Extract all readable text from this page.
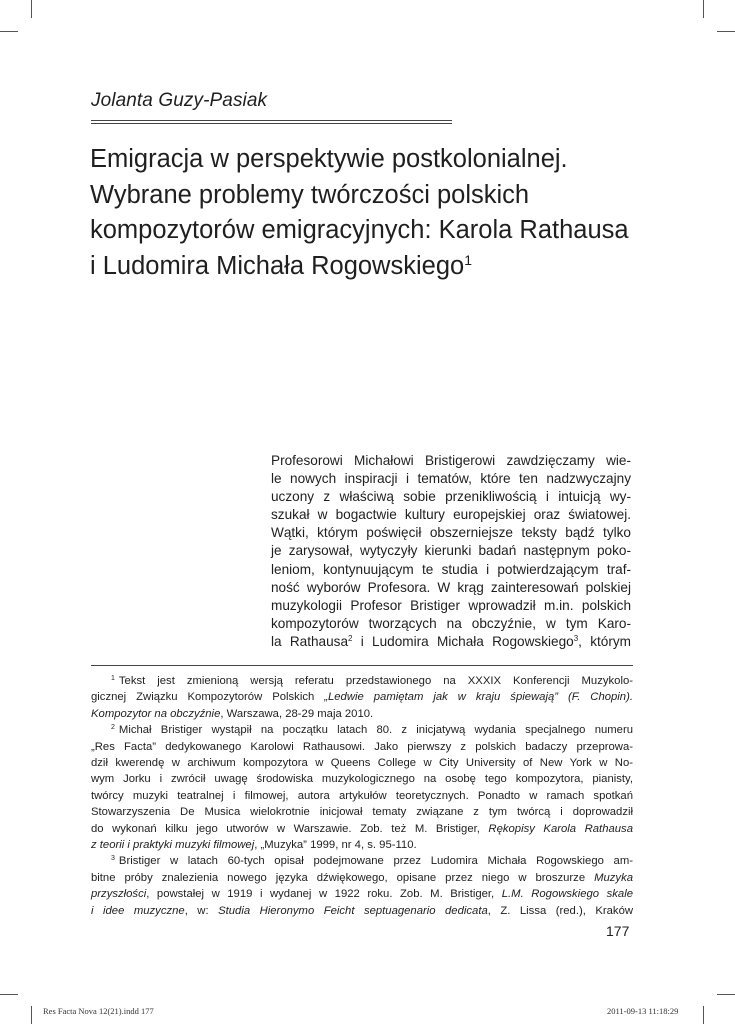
Jolanta Guzy-Pasiak
Emigracja w perspektywie postkolonialnej.
Wybrane problemy twórczości polskich
kompozytorów emigracyjnych: Karola Rathausa
i Ludomira Michała Rogowskiego$^1$
Profesorowi Michałowi Bristigerowi zawdzięczamy wie-
le nowych inspiracji i tematów, które ten nadzwyczajny
uczony z właściwą sobie przenikliwością i intuicją wy-
szukał w bogactwie kultury europejskiej oraz światowej.
Wątki, którym poświęcił obszerniejsze teksty bądź tylko
je zarysował, wytyczyły kierunki badań następnym poko-
leniom, kontynuującym te studia i potwierdzającym traf-
ność wyborów Profesora. W krąg zainteresowań polskiej
muzykologii Profesor Bristiger wprowadził m.in. polskich
kompozytorów tworzących na obczyźnie, w tym Karo-
la Rathausa$^2$ i Ludomira Michała Rogowskiego$^3$, którym
$^1$ Tekst jest zmienioną wersją referatu przedstawionego na XXXIX Konferencji Muzykolo-
gicznej Związku Kompozytorów Polskich „Ledwie pamiętam jak w kraju śpiewają” (F. Chopin).
Kompozytor na obczyźnie, Warszawa, 28-29 maja 2010.
$^2$ Michał Bristiger wystąpił na początku latach 80. z inicjatywą wydania specjalnego numeru
„Res Facta” dedykowanego Karolowi Rathausowi. Jako pierwszy z polskich badaczy przeprowa-
dził kwerendę w archiwum kompozytora w Queens College w City University of New York w No-
wym Jorku i zwrócił uwagę środowiska muzykologicznego na osobę tego kompozytora, pianisty,
twórcy muzyki teatralnej i filmowej, autora artykułów teoretycznych. Ponadto w ramach spotkań
Stowarzyszenia De Musica wielokrotnie inicjował tematy związane z tym twórcą i doprowadził
do wykonań kilku jego utworów w Warszawie. Zob. też M. Bristiger, Rękopisy Karola Rathausa
z teorii i praktyki muzyki filmowej, „Muzyka” 1999, nr 4, s. 95-110.
$^3$ Bristiger w latach 60-tych opisał podejmowane przez Ludomira Michała Rogowskiego am-
bitne próby znalezienia nowego języka dźwiękowego, opisane przez niego w broszurze Muzyka
przyszłości, powstałej w 1919 i wydanej w 1922 roku. Zob. M. Bristiger, L.M. Rogowskiego skale
i idee muzyczne, w: Studia Hieronymo Feicht septuagenario dedicata, Z. Lissa (red.), Kraków
177
Res Facta Nova 12(21).indd 177	2011-09-13 11:18:29
